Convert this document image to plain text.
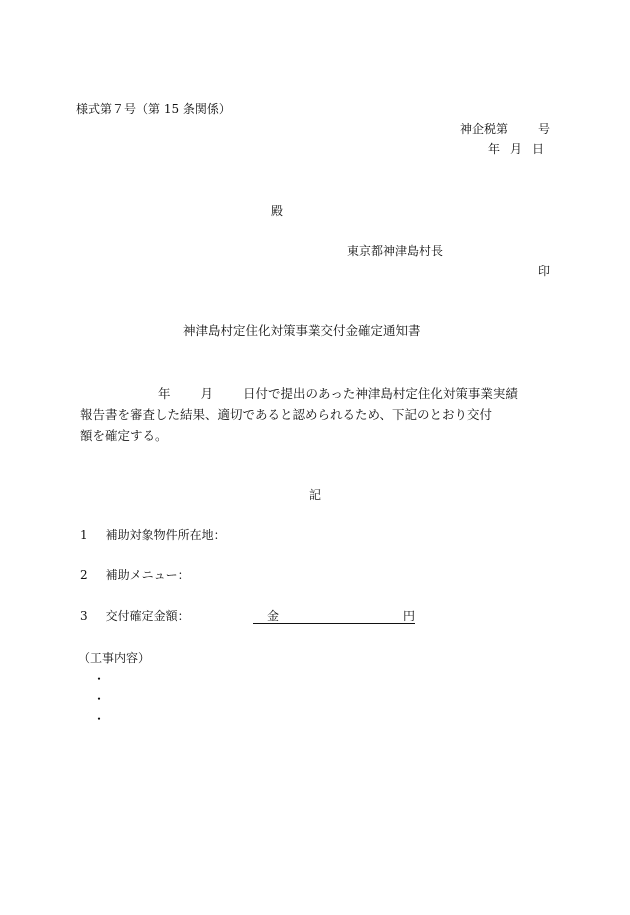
様式第７号（第 15 条関係）
神企税第	号
年 月 日
殿
東京都神津島村長
印
神津島村定住化対策事業交付金確定通知書
年 月 日付で提出のあった神津島村定住化対策事業実績
報告書を審査した結果、適切であると認められるため、下記のとおり交付
額を確定する。
記
1 補助対象物件所在地：
2 補助メニュー：
3 交付確定金額：	金	円
（工事内容）
・
・
・
